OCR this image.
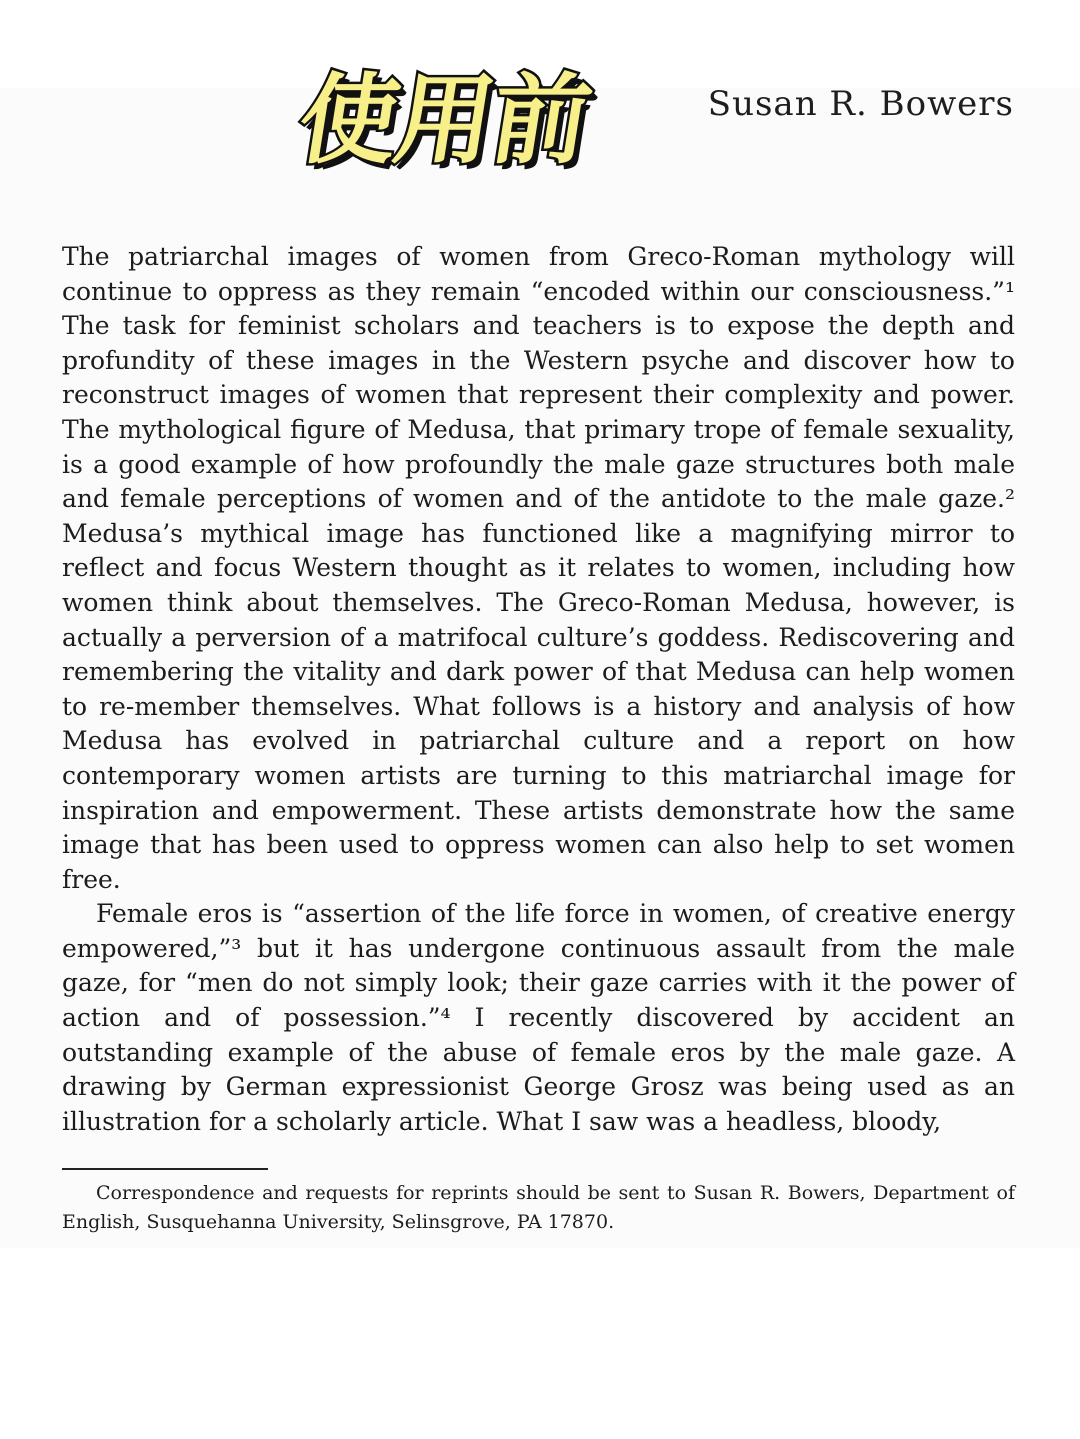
使用前	Susan R. Bowers

The patriarchal images of women from Greco-Roman mythology will continue to oppress as they remain “encoded within our consciousness.”¹ The task for feminist scholars and teachers is to expose the depth and profundity of these images in the Western psyche and discover how to reconstruct images of women that represent their complexity and power. The mythological figure of Medusa, that primary trope of female sexuality, is a good example of how profoundly the male gaze structures both male and female perceptions of women and of the antidote to the male gaze.² Medusa’s mythical image has functioned like a magnifying mirror to reflect and focus Western thought as it relates to women, including how women think about themselves. The Greco-Roman Medusa, however, is actually a perversion of a matrifocal culture’s goddess. Rediscovering and remembering the vitality and dark power of that Medusa can help women to re-member themselves. What follows is a history and analysis of how Medusa has evolved in patriarchal culture and a report on how contemporary women artists are turning to this matriarchal image for inspiration and empowerment. These artists demonstrate how the same image that has been used to oppress women can also help to set women free.

Female eros is “assertion of the life force in women, of creative energy empowered,”³ but it has undergone continuous assault from the male gaze, for “men do not simply look; their gaze carries with it the power of action and of possession.”⁴ I recently discovered by accident an outstanding example of the abuse of female eros by the male gaze. A drawing by German expressionist George Grosz was being used as an illustration for a scholarly article. What I saw was a headless, bloody,

Correspondence and requests for reprints should be sent to Susan R. Bowers, Department of English, Susquehanna University, Selinsgrove, PA 17870.
